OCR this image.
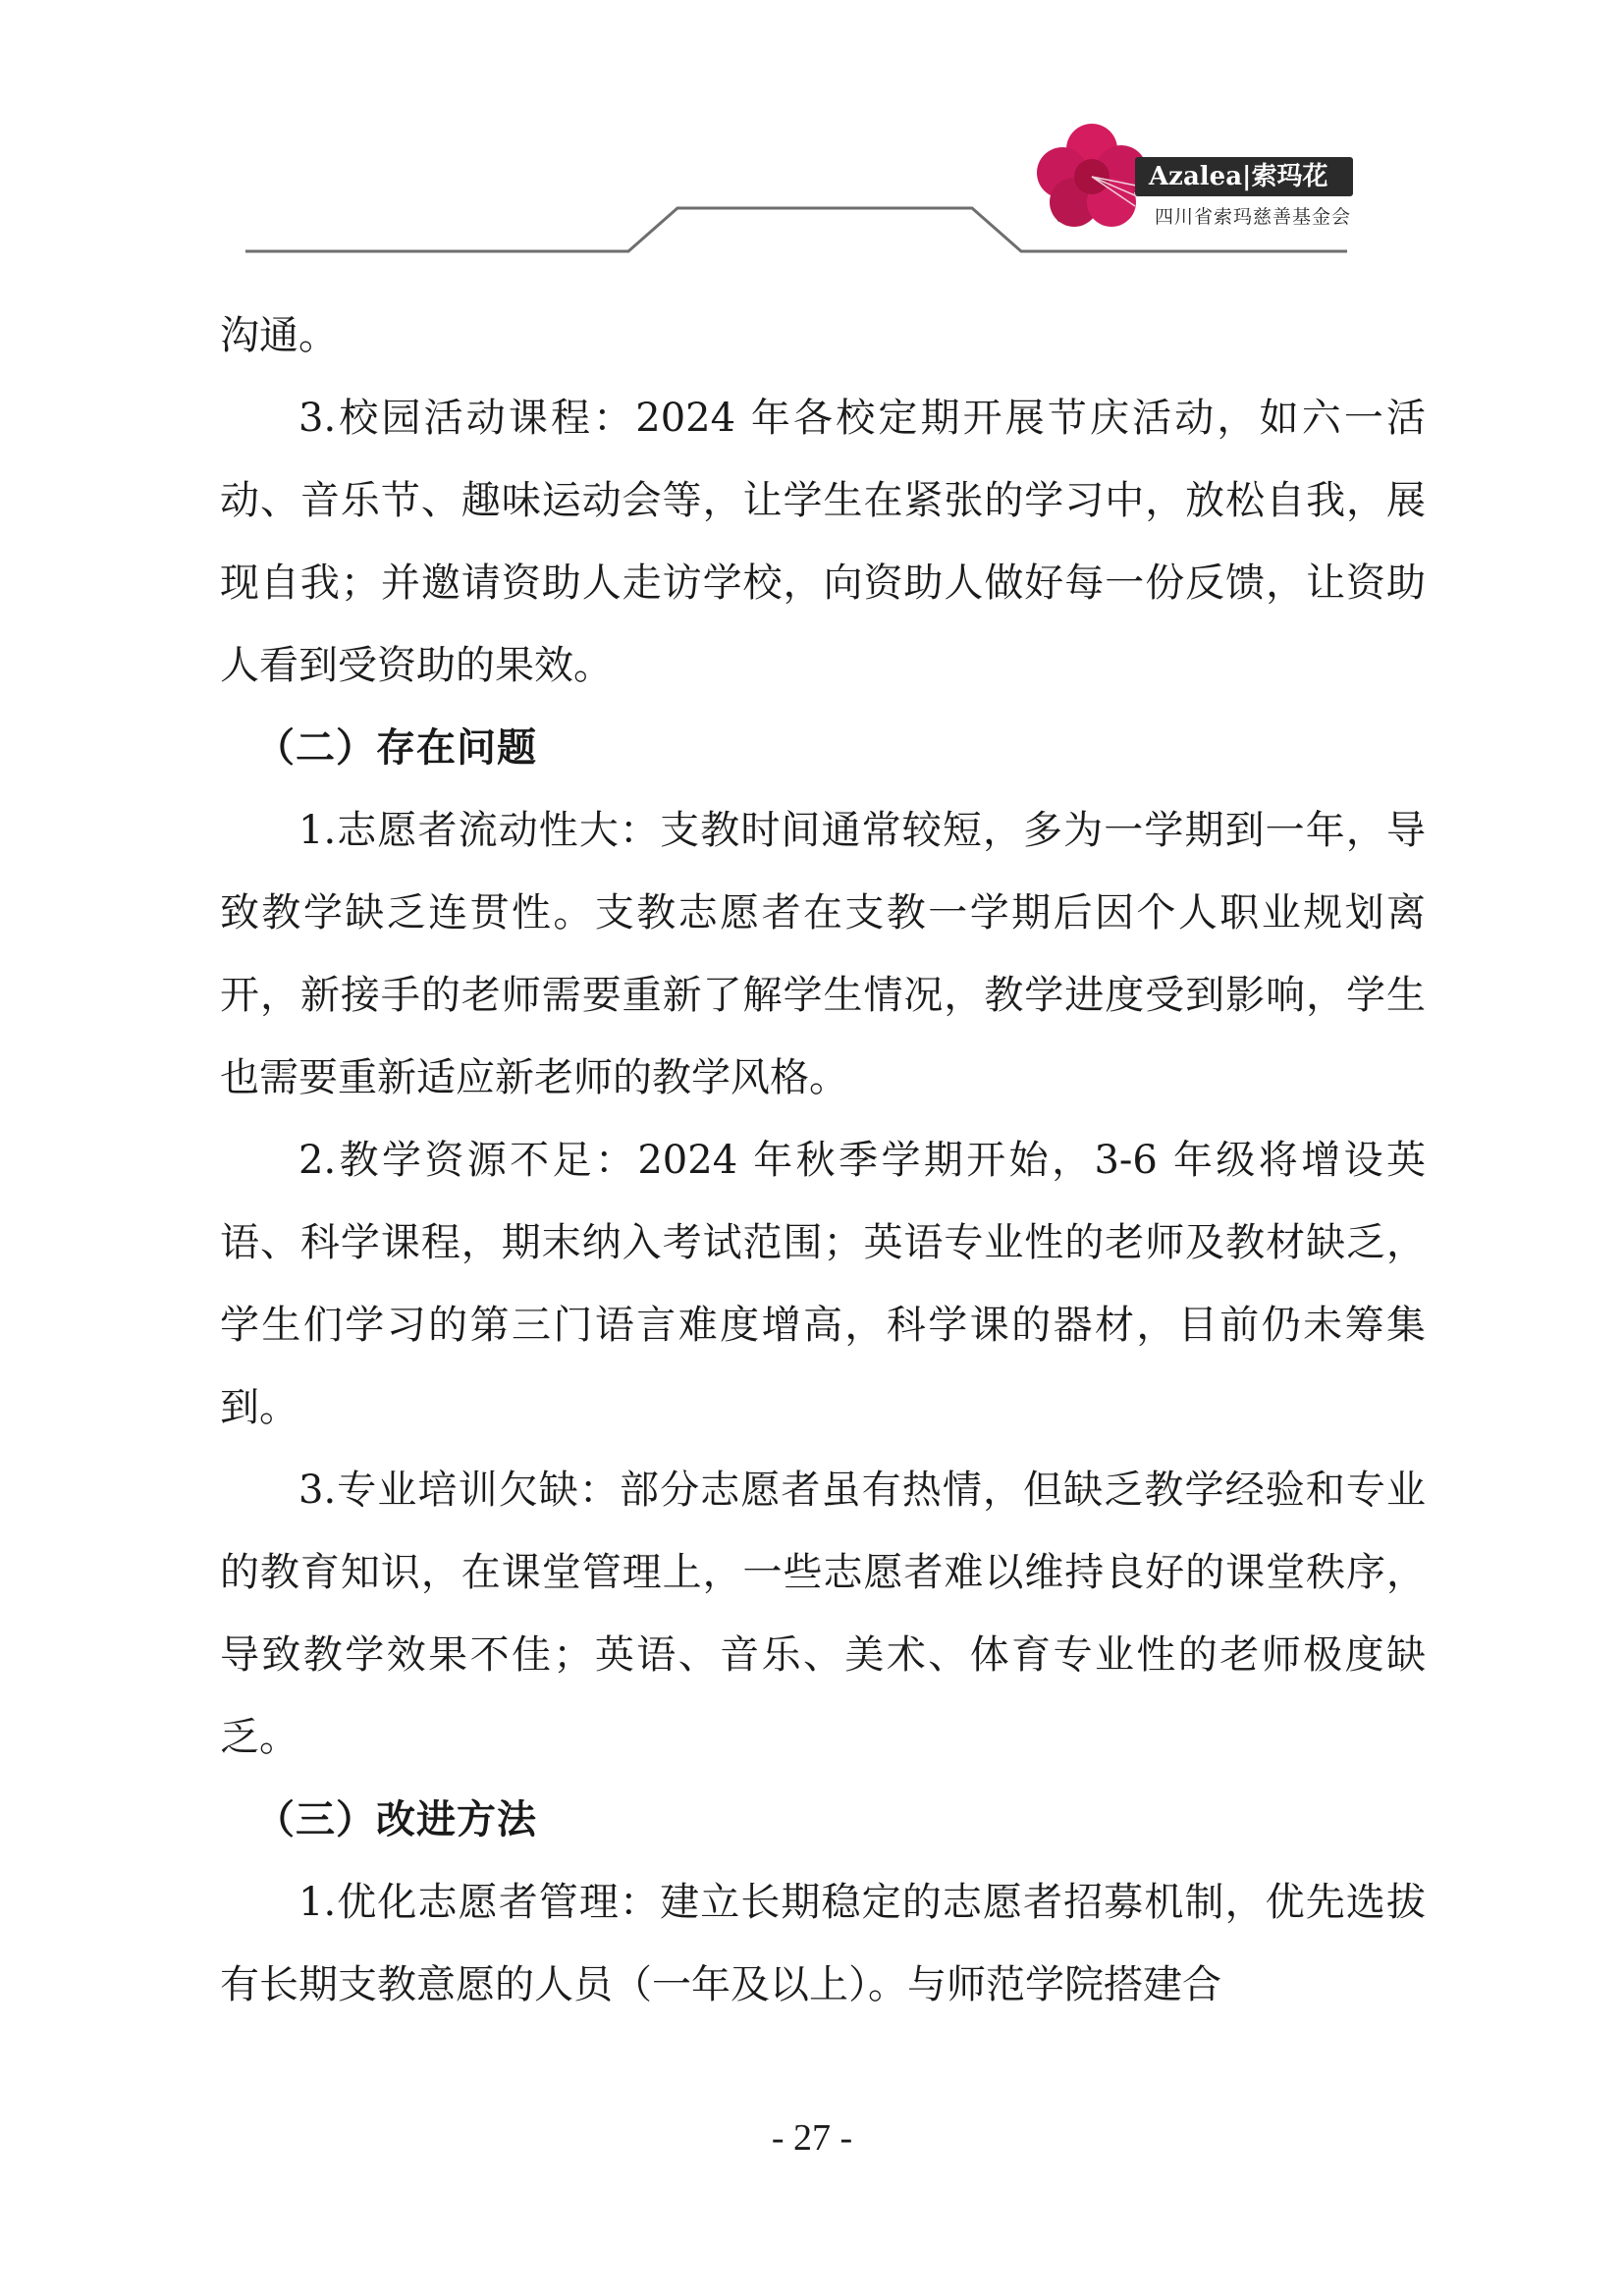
Azalea|索玛花
四川省索玛慈善基金会

沟通。

3.校园活动课程：2024 年各校定期开展节庆活动，如六一活动、音乐节、趣味运动会等，让学生在紧张的学习中，放松自我，展现自我；并邀请资助人走访学校，向资助人做好每一份反馈，让资助人看到受资助的果效。

（二）存在问题

1.志愿者流动性大：支教时间通常较短，多为一学期到一年，导致教学缺乏连贯性。支教志愿者在支教一学期后因个人职业规划离开，新接手的老师需要重新了解学生情况，教学进度受到影响，学生也需要重新适应新老师的教学风格。

2.教学资源不足：2024 年秋季学期开始，3-6 年级将增设英语、科学课程，期末纳入考试范围；英语专业性的老师及教材缺乏，学生们学习的第三门语言难度增高，科学课的器材，目前仍未筹集到。

3.专业培训欠缺：部分志愿者虽有热情，但缺乏教学经验和专业的教育知识，在课堂管理上，一些志愿者难以维持良好的课堂秩序，导致教学效果不佳；英语、音乐、美术、体育专业性的老师极度缺乏。

（三）改进方法

1.优化志愿者管理：建立长期稳定的志愿者招募机制，优先选拔有长期支教意愿的人员（一年及以上）。与师范学院搭建合

- 27 -
